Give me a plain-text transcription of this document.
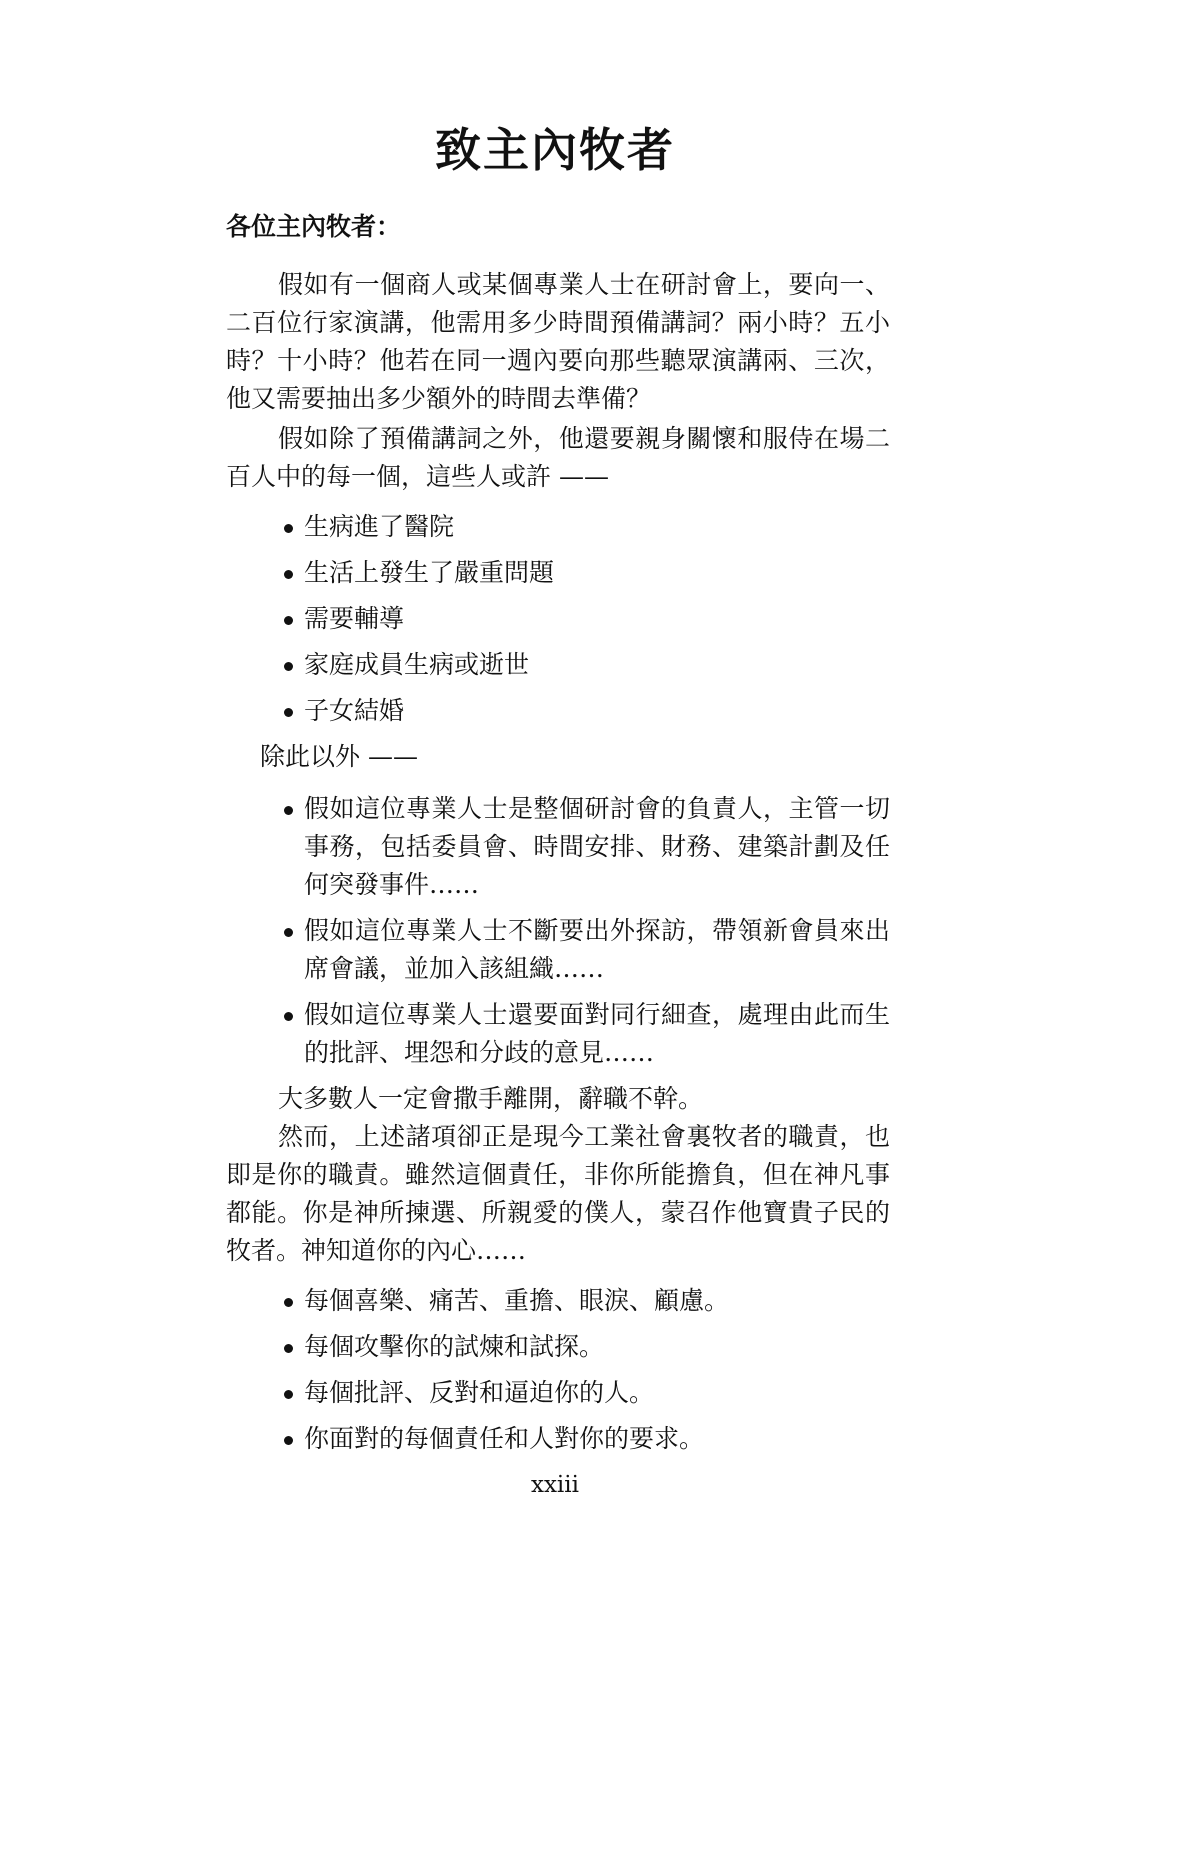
致主內牧者

各位主內牧者：

假如有一個商人或某個專業人士在研討會上，要向一、二百位行家演講，他需用多少時間預備講詞？兩小時？五小時？十小時？他若在同一週內要向那些聽眾演講兩、三次，他又需要抽出多少額外的時間去準備？

假如除了預備講詞之外，他還要親身關懷和服侍在場二百人中的每一個，這些人或許 ——

生病進了醫院
生活上發生了嚴重問題
需要輔導
家庭成員生病或逝世
子女結婚

除此以外 ——

假如這位專業人士是整個研討會的負責人，主管一切事務，包括委員會、時間安排、財務、建築計劃及任何突發事件……
假如這位專業人士不斷要出外探訪，帶領新會員來出席會議，並加入該組織……
假如這位專業人士還要面對同行細查，處理由此而生的批評、埋怨和分歧的意見……

大多數人一定會撒手離開，辭職不幹。

然而，上述諸項卻正是現今工業社會裏牧者的職責，也即是你的職責。雖然這個責任，非你所能擔負，但在神凡事都能。你是神所揀選、所親愛的僕人，蒙召作他寶貴子民的牧者。神知道你的內心……

每個喜樂、痛苦、重擔、眼淚、顧慮。
每個攻擊你的試煉和試探。
每個批評、反對和逼迫你的人。
你面對的每個責任和人對你的要求。
xxiii
